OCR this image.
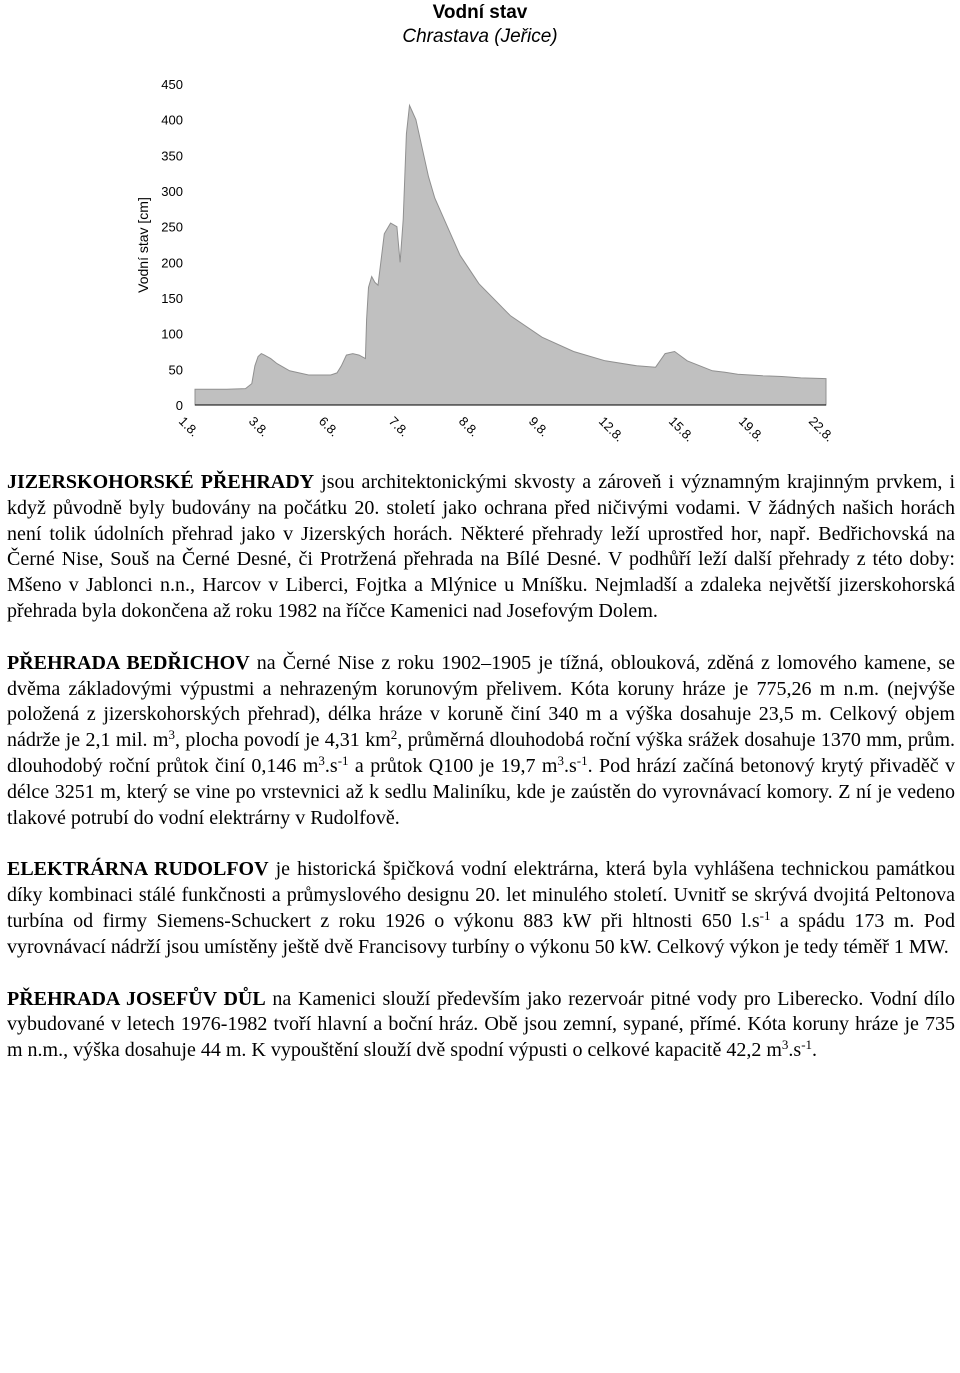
Vodní stav
Chrastava (Jeřice)
0
50
100
150
200
250
300
350
400
450
1.8.	3.8.	6.8.	7.8.	8.8.	9.8.	12.8.	15.8.	19.8.	22.8.
Vodní stav [cm]

JIZERSKOHORSKÉ PŘEHRADY jsou architektonickými skvosty a zároveň i významným krajinným prvkem, i když původně byly budovány na počátku 20. století jako ochrana před ničivými vodami. V žádných našich horách není tolik údolních přehrad jako v Jizerských horách. Některé přehrady leží uprostřed hor, např. Bedřichovská na Černé Nise, Souš na Černé Desné, či Protržená přehrada na Bílé Desné. V podhůří leží další přehrady z této doby: Mšeno v Jablonci n.n., Harcov v Liberci, Fojtka a Mlýnice u Mníšku. Nejmladší a zdaleka největší jizerskohorská přehrada byla dokončena až roku 1982 na říčce Kamenici nad Josefovým Dolem.

PŘEHRADA BEDŘICHOV na Černé Nise z roku 1902–1905 je tížná, oblouková, zděná z lomového kamene, se dvěma základovými výpustmi a nehrazeným korunovým přelivem. Kóta koruny hráze je 775,26 m n.m. (nejvýše položená z jizerskohorských přehrad), délka hráze v koruně činí 340 m a výška dosahuje 23,5 m. Celkový objem nádrže je 2,1 mil. $m^3$, plocha povodí je 4,31 $km^2$, průměrná dlouhodobá roční výška srážek dosahuje 1370 mm, prům. dlouhodobý roční průtok činí 0,146 $m^3.s^{-1}$ a průtok Q100 je 19,7 $m^3.s^{-1}$. Pod hrází začíná betonový krytý přivaděč v délce 3251 m, který se vine po vrstevnici až k sedlu Maliníku, kde je zaústěn do vyrovnávací komory. Z ní je vedeno tlakové potrubí do vodní elektrárny v Rudolfově.

ELEKTRÁRNA RUDOLFOV je historická špičková vodní elektrárna, která byla vyhlášena technickou památkou díky kombinaci stálé funkčnosti a průmyslového designu 20. let minulého století. Uvnitř se skrývá dvojitá Peltonova turbína od firmy Siemens-Schuckert z roku 1926 o výkonu 883 kW při hltnosti 650 $l.s^{-1}$ a spádu 173 m. Pod vyrovnávací nádrží jsou umístěny ještě dvě Francisovy turbíny o výkonu 50 kW. Celkový výkon je tedy téměř 1 MW.

PŘEHRADA JOSEFŮV DŮL na Kamenici slouží především jako rezervoár pitné vody pro Liberecko. Vodní dílo vybudované v letech 1976-1982 tvoří hlavní a boční hráz. Obě jsou zemní, sypané, přímé. Kóta koruny hráze je 735 m n.m., výška dosahuje 44 m. K vypouštění slouží dvě spodní výpusti o celkové kapacitě 42,2 $m^3.s^{-1}$.
